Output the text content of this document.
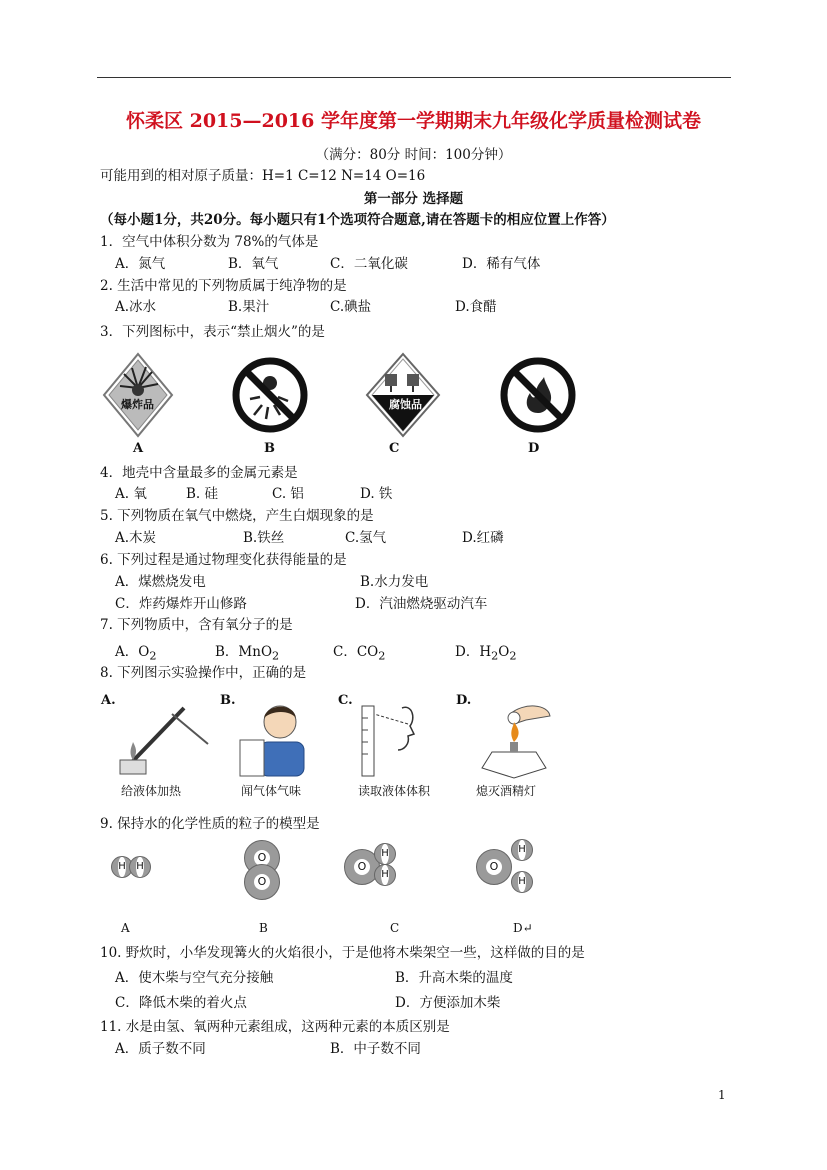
怀柔区 2015—2016 学年度第一学期期末九年级化学质量检测试卷
（满分：80分 时间：100分钟）
可能用到的相对原子质量：H=1 C=12 N=14 O=16
第一部分 选择题
（每小题1分，共20分。每小题只有1个选项符合题意,请在答题卡的相应位置上作答）
1．空气中体积分数为 78%的气体是
A．氮气	B．氧气	C．二氧化碳	D．稀有气体
2. 生活中常见的下列物质属于纯净物的是
A.冰水	B.果汁	C.碘盐	D.食醋
3．下列图标中，表示“禁止烟火”的是
爆炸品	腐蚀品
A	B	C	D
4．地壳中含量最多的金属元素是
A. 氧	B. 硅	C. 铝	D. 铁
5. 下列物质在氧气中燃烧，产生白烟现象的是
A.木炭	B.铁丝	C.氢气	D.红磷
6. 下列过程是通过物理变化获得能量的是
A．煤燃烧发电	B.水力发电
C．炸药爆炸开山修路	D．汽油燃烧驱动汽车
7. 下列物质中，含有氧分子的是
A．$O_2$	B．MnO$_2$	C．$CO_2$	D．$H_2O_2$
8. 下列图示实验操作中，正确的是
A.
给液体加热
B.
闻气体气味
C.
读取液体体积
D.
熄灭酒精灯
9. 保持水的化学性质的粒子的模型是
H	H
O
O
O
H
H
O
H
H
A	B	C	D↵
10. 野炊时，小华发现篝火的火焰很小，于是他将木柴架空一些，这样做的目的是
A．使木柴与空气充分接触	B．升高木柴的温度
C．降低木柴的着火点	D．方便添加木柴
11. 水是由氢、氧两种元素组成，这两种元素的本质区别是
A．质子数不同	B．中子数不同
1
